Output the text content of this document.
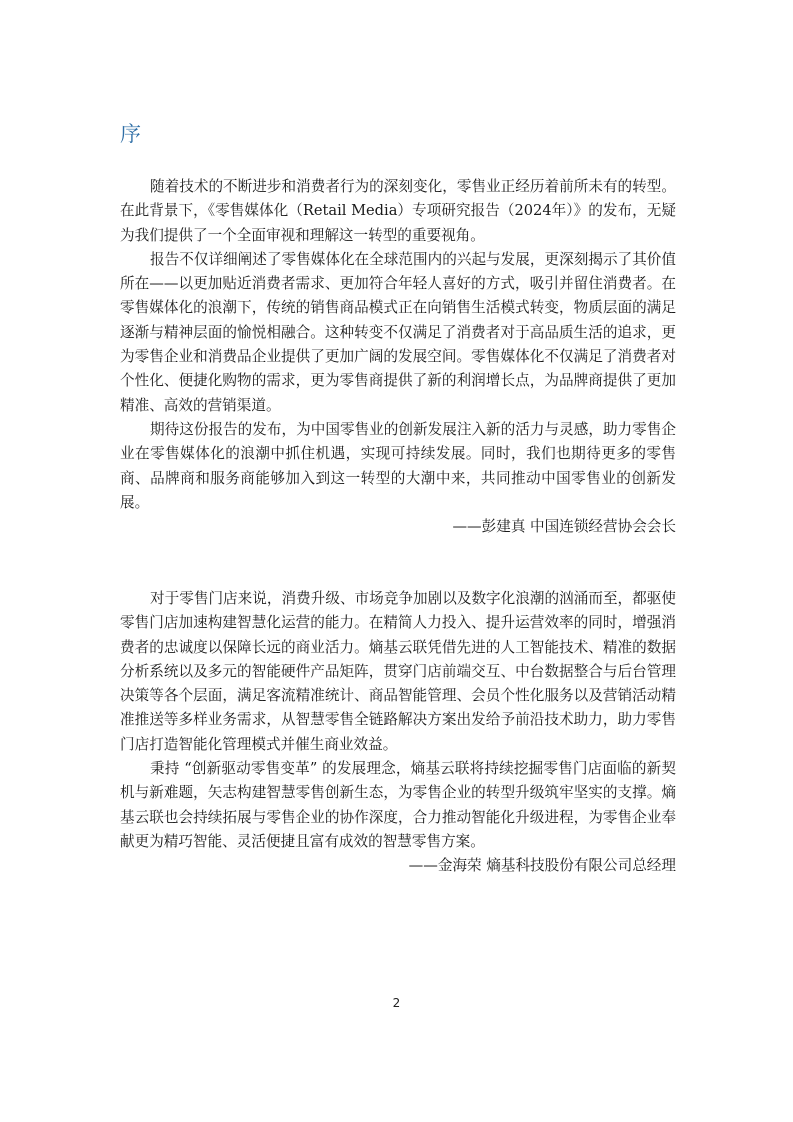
序

随着技术的不断进步和消费者行为的深刻变化，零售业正经历着前所未有的转型。在此背景下，《零售媒体化（Retail Media）专项研究报告（2024年）》的发布，无疑为我们提供了一个全面审视和理解这一转型的重要视角。

报告不仅详细阐述了零售媒体化在全球范围内的兴起与发展，更深刻揭示了其价值所在——以更加贴近消费者需求、更加符合年轻人喜好的方式，吸引并留住消费者。在零售媒体化的浪潮下，传统的销售商品模式正在向销售生活模式转变，物质层面的满足逐渐与精神层面的愉悦相融合。这种转变不仅满足了消费者对于高品质生活的追求，更为零售企业和消费品企业提供了更加广阔的发展空间。零售媒体化不仅满足了消费者对个性化、便捷化购物的需求，更为零售商提供了新的利润增长点，为品牌商提供了更加精准、高效的营销渠道。

期待这份报告的发布，为中国零售业的创新发展注入新的活力与灵感，助力零售企业在零售媒体化的浪潮中抓住机遇，实现可持续发展。同时，我们也期待更多的零售商、品牌商和服务商能够加入到这一转型的大潮中来，共同推动中国零售业的创新发展。

——彭建真 中国连锁经营协会会长

对于零售门店来说，消费升级、市场竞争加剧以及数字化浪潮的汹涌而至，都驱使零售门店加速构建智慧化运营的能力。在精简人力投入、提升运营效率的同时，增强消费者的忠诚度以保障长远的商业活力。熵基云联凭借先进的人工智能技术、精准的数据分析系统以及多元的智能硬件产品矩阵，贯穿门店前端交互、中台数据整合与后台管理决策等各个层面，满足客流精准统计、商品智能管理、会员个性化服务以及营销活动精准推送等多样业务需求，从智慧零售全链路解决方案出发给予前沿技术助力，助力零售门店打造智能化管理模式并催生商业效益。

秉持 “创新驱动零售变革” 的发展理念，熵基云联将持续挖掘零售门店面临的新契机与新难题，矢志构建智慧零售创新生态，为零售企业的转型升级筑牢坚实的支撑。熵基云联也会持续拓展与零售企业的协作深度，合力推动智能化升级进程，为零售企业奉献更为精巧智能、灵活便捷且富有成效的智慧零售方案。

——金海荣 熵基科技股份有限公司总经理

2
